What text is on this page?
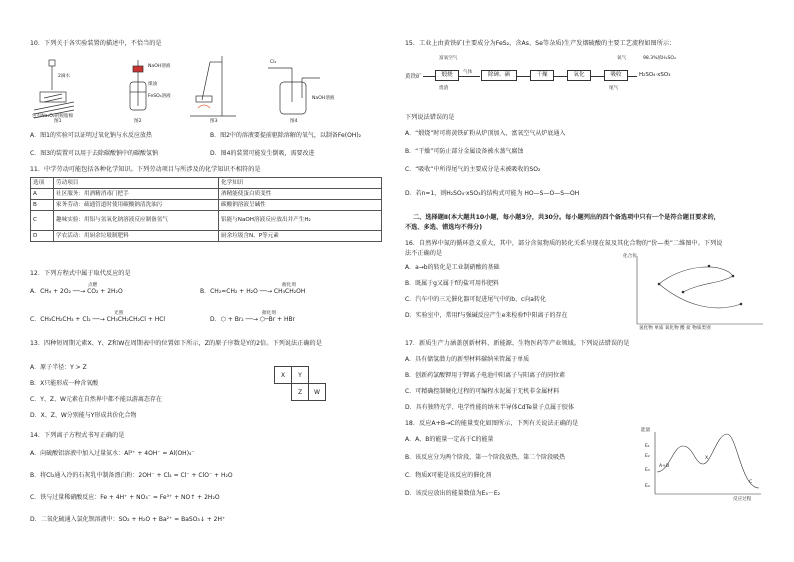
10．下列关于各实验装置的描述中，不恰当的是
包有Na₂O₂的脱脂棉
2滴水
NaOH溶液
煤油
FeSO₄溶液
Cl₂
NaOH溶液
图1	图2	图3	图4
A．图1的实验可以证明过氧化钠与水反应放热	B．图2中的溶液要提前驱除溶解的氧气，以制备Fe(OH)₂
C．图3的装置可以用于去除碳酸钠中的碳酸氢钠	D．图4的装置可能发生倒吸，需要改进
11．中学劳动可能包括各种化学知识。下列劳动项目与所涉及的化学知识不相符的是
选项	劳动项目	化学知识
A	社区服务：用酒精消毒门把手	酒精能使蛋白质变性
B	家务劳动：疏通管道时使用碳酸钠清洗油污	碳酸钠溶液呈碱性
C	趣味实验：用铝与氢氧化钠溶液反应制备氢气	铝能与NaOH溶液反应放出并产生H₂
D	学农活动：用厨余垃圾制肥料	厨余垃圾含N、P等元素
12．下列方程式中属于取代反应的是
A．CH₄ + 2O₂ ──→ CO₂ + 2H₂O
点燃
B．CH₂=CH₂ + H₂O ──→ CH₃CH₂OH
催化剂
C．CH₃CH₂CH₃ + Cl₂ ──→ CH₃CH₂CH₂Cl + HCl
光照
D．⬡ + Br₂ ──→ ⬡─Br + HBr
催化剂
13．四种短周期元素X、Y、Z和W在周期表中的位置如下所示，Z的原子序数是Y的2倍。下列说法正确的是
X	Y	
	Z	W
A．原子半径：Y > Z
B．X只能形成一种含氧酸
C．Y、Z、W元素在自然界中都不能以游离态存在
D．X、Z、W分别能与Y形成共价化合物
14．下列离子方程式书写正确的是
A．向硫酸铝溶液中加入过量氨水：Al³⁺ + 4OH⁻ = Al(OH)₄⁻
B．将Cl₂通入冷的石灰乳中制备漂白粉：2OH⁻ + Cl₂ = Cl⁻ + ClO⁻ + H₂O
C．铁与过量稀硝酸反应：Fe + 4H⁺ + NO₃⁻ = Fe³⁺ + NO↑ + 2H₂O
D．二氧化硫通入氯化钡溶液中：SO₂ + H₂O + Ba²⁺ = BaSO₃↓ + 2H⁺
15．工业上由黄铁矿(主要成分为FeS₂，含As、Se等杂质)生产发烟硫酸的主要工艺流程如图所示：
富氧空气	氧气	98.3%浓H₂SO₄
黄铁矿	煅烧	气体	除砷、硒	干燥	氧化	吸收	H₂SO₄·xSO₃
烧渣	尾气
下列说法错误的是
A．“煅烧”时可将黄铁矿粉从炉顶加入，富氧空气从炉底通入
B．“干燥”可防止部分金属设备被水蒸气腐蚀
C．“吸收”中所得尾气的主要成分是未被吸收的SO₂
D．若n=1，则H₂SO₄·xSO₃的结构式可能为 HO—S—O—S—OH
二、选择题Ⅱ(本大题共10小题，每小题3分，共30分。每小题列出的四个备选项中只有一个是符合题目要求的，
不选、多选、错选均不得分)
16．自然界中氮的循环意义重大，其中，部分含氮物质的转化关系呈现在氮及其化合物的“价—类”二维图中。下列说
法不正确的是	化合价
氢化物 单质 氧化物 酸 盐 物质类别
A．a→b的转化是工业制硝酸的基础
B．既属于g又属于f的盐可用作肥料
C．汽车中的三元催化器可促进尾气中的b、c向a转化
D．实验室中，常用f与强碱反应产生e来检验f中阳离子的存在
17．新质生产力涵盖创新材料、新能源、生物医药等产业领域。下列说法错误的是
A．具有储氢潜力的新型材料碳纳米管属于单质
B．创新药氯酸钾用于钾离子电池中阳离子与阳离子的同位素
C．可精确控制硬化过程的可编程水泥属于无机非金属材料
D．具有独特光学、电学性能的纳米半导体CdTe量子点属于胶体
18．反应A+B→C的能量变化如图所示，下列有关说法正确的是
能量
反应过程
X
A+B
C
E₁
E₂
E₃
E₄
A．A、B的能量一定高于C的能量
B．该反应分为两个阶段，第一个阶段放热，第二个阶段吸热
C．物质X可能是该反应的催化剂
D．该反应放出的能量数值为E₃－E₂
